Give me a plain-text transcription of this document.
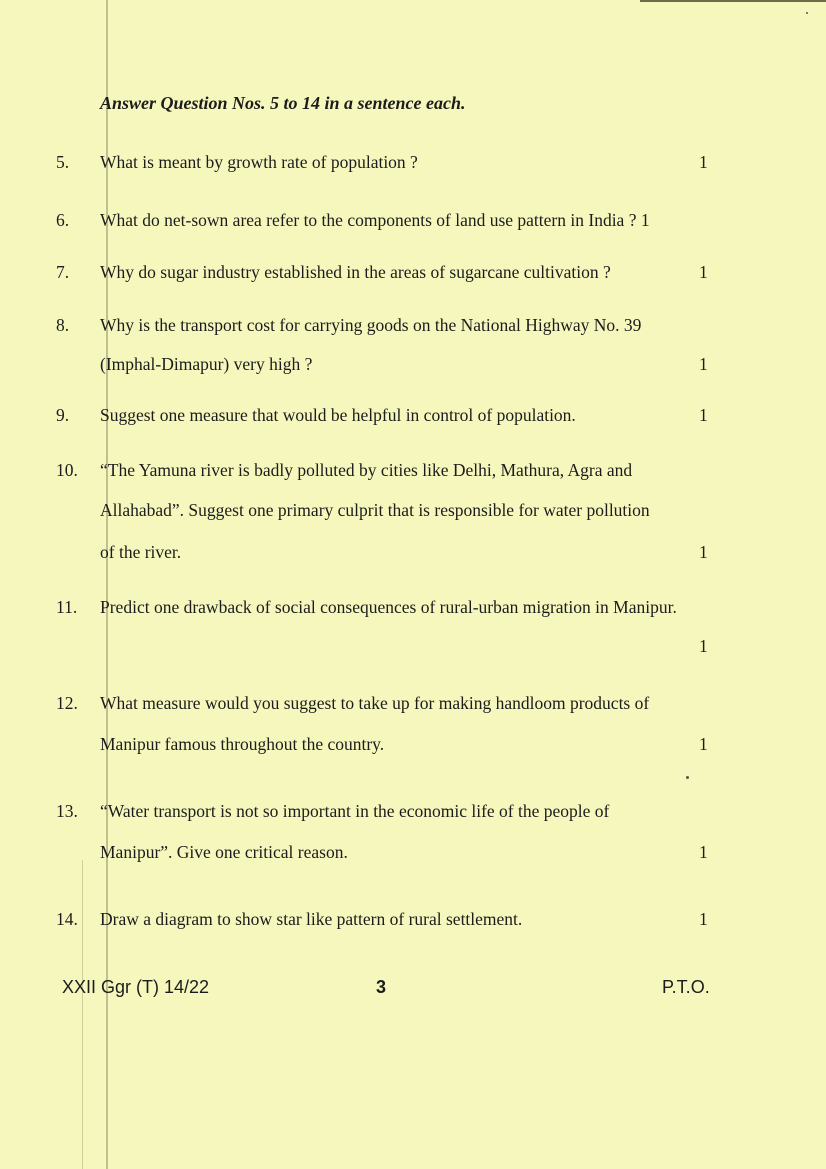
Answer Question Nos. 5 to 14 in a sentence each.
5. What is meant by growth rate of population ?	1
6. What do net-sown area refer to the components of land use pattern in India ? 1
7. Why do sugar industry established in the areas of sugarcane cultivation ?	1
8. Why is the transport cost for carrying goods on the National Highway No. 39
(Imphal-Dimapur) very high ?	1
9. Suggest one measure that would be helpful in control of population.	1
10. “The Yamuna river is badly polluted by cities like Delhi, Mathura, Agra and
Allahabad”. Suggest one primary culprit that is responsible for water pollution
of the river.	1
11. Predict one drawback of social consequences of rural-urban migration in Manipur.
1
12. What measure would you suggest to take up for making handloom products of
Manipur famous throughout the country.	1
13. “Water transport is not so important in the economic life of the people of
Manipur”. Give one critical reason.	1
14. Draw a diagram to show star like pattern of rural settlement.	1
XXII Ggr (T) 14/22	3	P.T.O.
